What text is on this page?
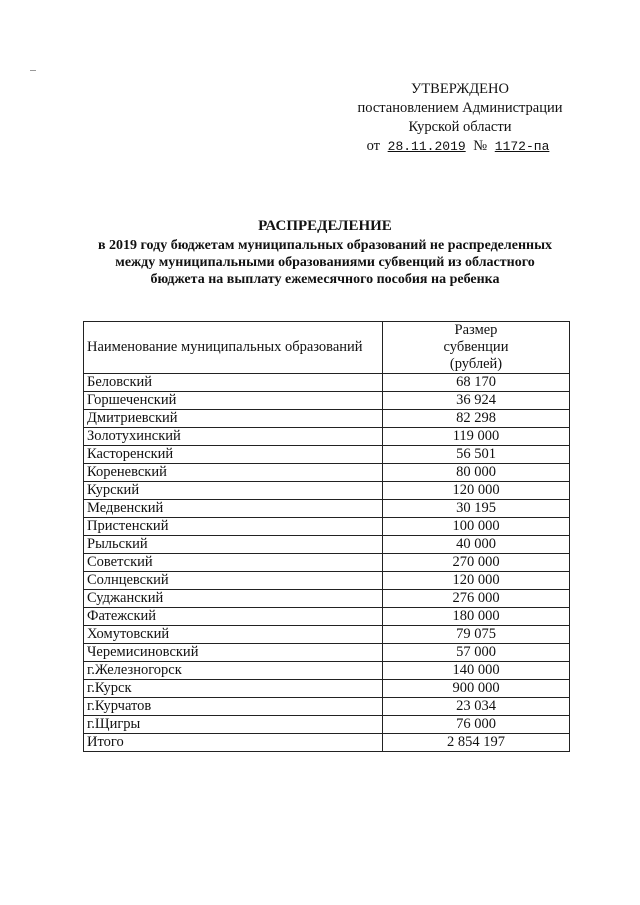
УТВЕРЖДЕНО
постановлением Администрации
Курской области
от 28.11.2019 № 1172-па
РАСПРЕДЕЛЕНИЕ
в 2019 году бюджетам муниципальных образований не распределенных
между муниципальными образованиями субвенций из областного
бюджета на выплату ежемесячного пособия на ребенка
Наименование муниципальных образований	Размер
субвенции
(рублей)
Беловский	68 170
Горшеченский	36 924
Дмитриевский	82 298
Золотухинский	119 000
Касторенский	56 501
Кореневский	80 000
Курский	120 000
Медвенский	30 195
Пристенский	100 000
Рыльский	40 000
Советский	270 000
Солнцевский	120 000
Суджанский	276 000
Фатежский	180 000
Хомутовский	79 075
Черемисиновский	57 000
г.Железногорск	140 000
г.Курск	900 000
г.Курчатов	23 034
г.Щигры	76 000
Итого	2 854 197
